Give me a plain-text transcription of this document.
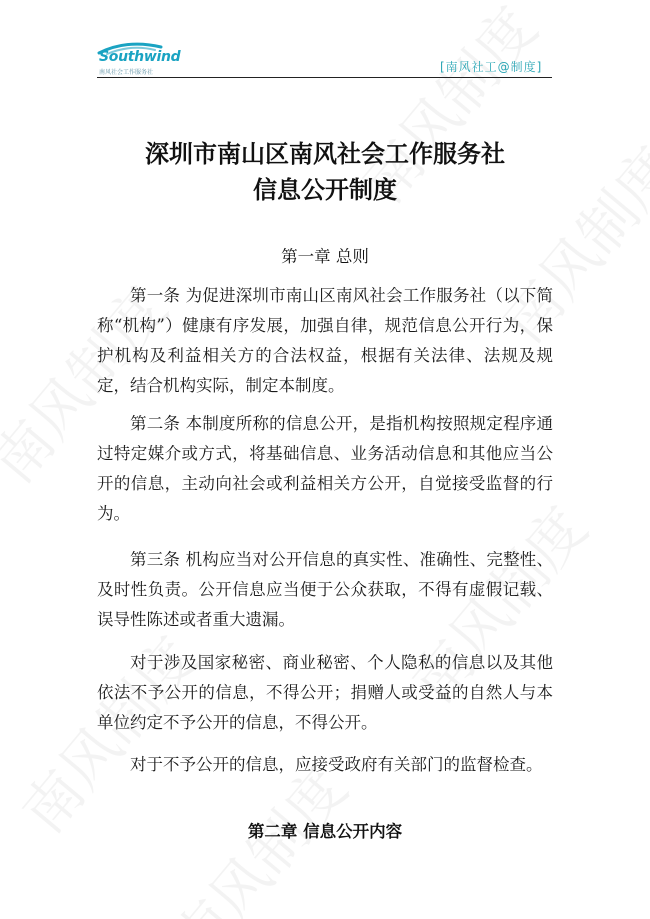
Southwind
南风社会工作服务社	[南风社工@制度]
深圳市南山区南风社会工作服务社
信息公开制度
第一章 总则

第一条 为促进深圳市南山区南风社会工作服务社（以下简称“机构”）健康有序发展，加强自律，规范信息公开行为，保护机构及利益相关方的合法权益，根据有关法律、法规及规定，结合机构实际，制定本制度。

第二条 本制度所称的信息公开，是指机构按照规定程序通过特定媒介或方式，将基础信息、业务活动信息和其他应当公开的信息，主动向社会或利益相关方公开，自觉接受监督的行为。

第三条 机构应当对公开信息的真实性、准确性、完整性、及时性负责。公开信息应当便于公众获取，不得有虚假记载、误导性陈述或者重大遗漏。

对于涉及国家秘密、商业秘密、个人隐私的信息以及其他依法不予公开的信息，不得公开；捐赠人或受益的自然人与本单位约定不予公开的信息，不得公开。

对于不予公开的信息，应接受政府有关部门的监督检查。

第二章 信息公开内容
